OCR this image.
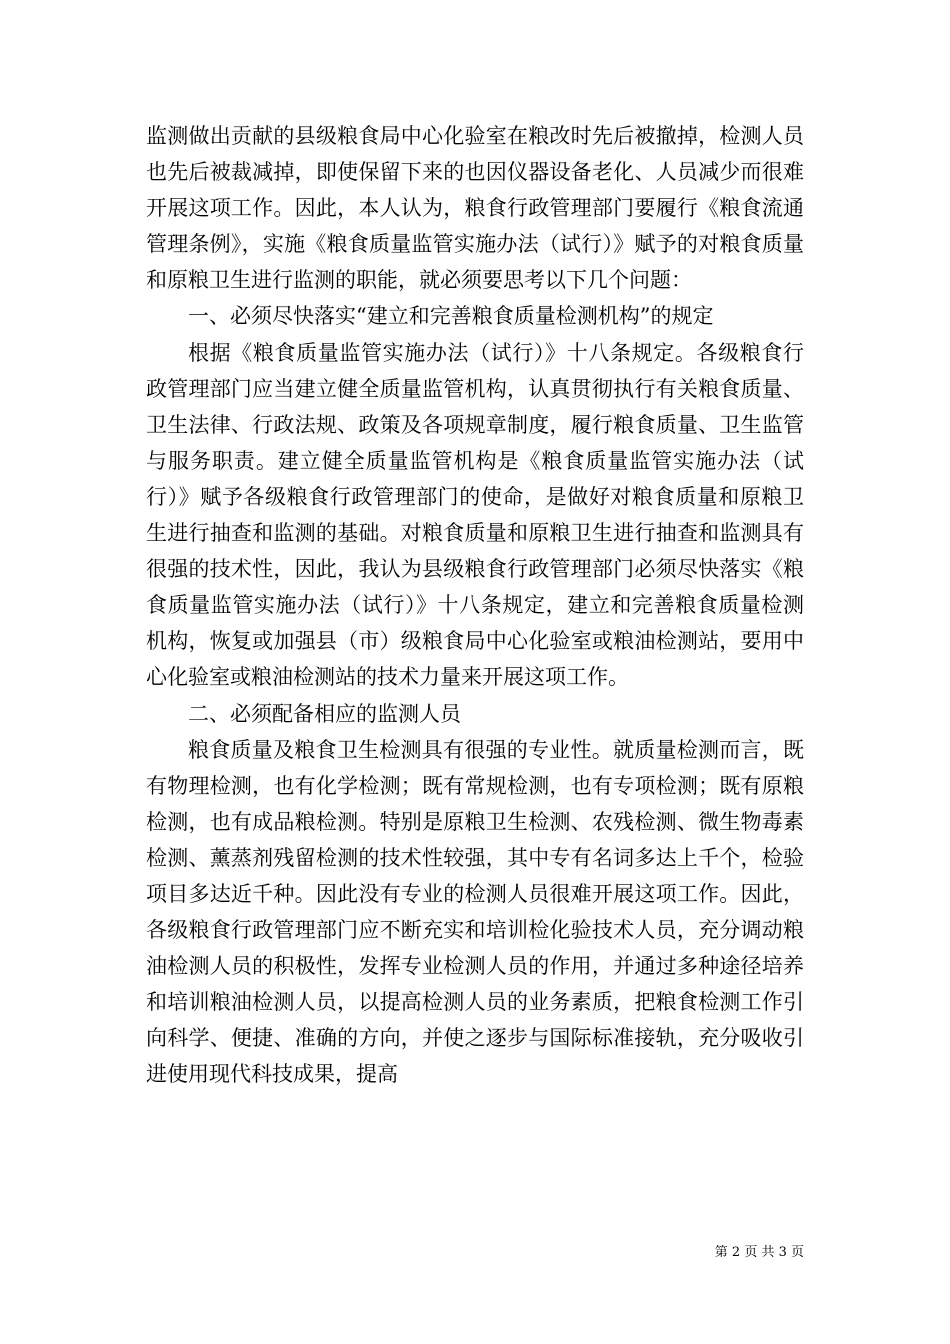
监测做出贡献的县级粮食局中心化验室在粮改时先后被撤掉，检测人员也先后被裁减掉，即使保留下来的也因仪器设备老化、人员减少而很难开展这项工作。因此，本人认为，粮食行政管理部门要履行《粮食流通管理条例》，实施《粮食质量监管实施办法（试行）》赋予的对粮食质量和原粮卫生进行监测的职能，就必须要思考以下几个问题：

一、必须尽快落实“建立和完善粮食质量检测机构”的规定

根据《粮食质量监管实施办法（试行）》十八条规定。各级粮食行政管理部门应当建立健全质量监管机构，认真贯彻执行有关粮食质量、卫生法律、行政法规、政策及各项规章制度，履行粮食质量、卫生监管与服务职责。建立健全质量监管机构是《粮食质量监管实施办法（试行）》赋予各级粮食行政管理部门的使命，是做好对粮食质量和原粮卫生进行抽查和监测的基础。对粮食质量和原粮卫生进行抽查和监测具有很强的技术性，因此，我认为县级粮食行政管理部门必须尽快落实《粮食质量监管实施办法（试行）》十八条规定，建立和完善粮食质量检测机构，恢复或加强县（市）级粮食局中心化验室或粮油检测站，要用中心化验室或粮油检测站的技术力量来开展这项工作。

二、必须配备相应的监测人员

粮食质量及粮食卫生检测具有很强的专业性。就质量检测而言，既有物理检测，也有化学检测；既有常规检测，也有专项检测；既有原粮检测，也有成品粮检测。特别是原粮卫生检测、农残检测、微生物毒素检测、薰蒸剂残留检测的技术性较强，其中专有名词多达上千个，检验项目多达近千种。因此没有专业的检测人员很难开展这项工作。因此，各级粮食行政管理部门应不断充实和培训检化验技术人员，充分调动粮油检测人员的积极性，发挥专业检测人员的作用，并通过多种途径培养和培训粮油检测人员，以提高检测人员的业务素质，把粮食检测工作引向科学、便捷、准确的方向，并使之逐步与国际标准接轨，充分吸收引进使用现代科技成果，提高

第 2 页 共 3 页
